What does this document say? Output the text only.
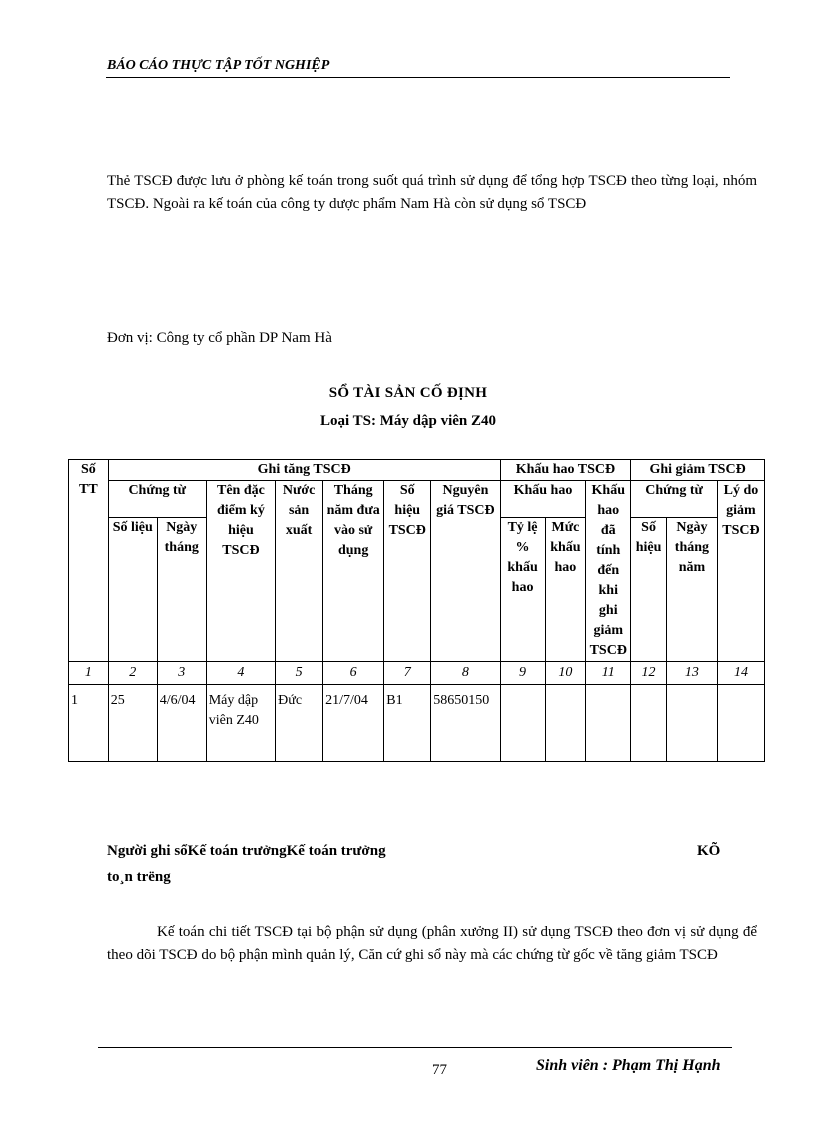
BÁO CÁO THỰC TẬP TỐT NGHIỆP
Thẻ TSCĐ được lưu ở phòng kế toán trong suốt quá trình sử dụng để tổng hợp TSCĐ theo từng loại, nhóm TSCĐ. Ngoài ra kế toán của công ty dược phẩm Nam Hà còn sử dụng sổ TSCĐ
Đơn vị: Công ty cổ phần DP Nam Hà
SỔ TÀI SẢN CỐ ĐỊNH
Loại TS: Máy dập viên Z40
Số TT	Ghi tăng TSCĐ							Khấu hao TSCĐ			Ghi giảm TSCĐ		
	Chứng từ		Tên đặc điểm ký hiệu TSCĐ	Nước sản xuất	Tháng năm đưa vào sử dụng	Số hiệu TSCĐ	Nguyên giá TSCĐ	Khấu hao		Khấu hao đã tính đến khi ghi giảm TSCĐ	Chứng từ		Lý do giảm TSCĐ
	Số liệu	Ngày tháng						Tỷ lệ % khấu hao	Mức khấu hao		Số hiệu	Ngày tháng năm	
1	2	3	4	5	6	7	8	9	10	11	12	13	14
1	25	4/6/04	Máy dập viên Z40	Đức	21/7/04	B1	58650150						
Người ghi sổKế toán trưởngKế toán trưởng	KÕ
to¸n trëng
Kế toán chi tiết TSCĐ tại bộ phận sử dụng (phân xưởng II) sử dụng TSCĐ theo đơn vị sử dụng để theo dõi TSCĐ do bộ phận mình quản lý, Căn cứ ghi sổ này mà các chứng từ gốc về tăng giảm TSCĐ
77	Sinh viên : Phạm Thị Hạnh
